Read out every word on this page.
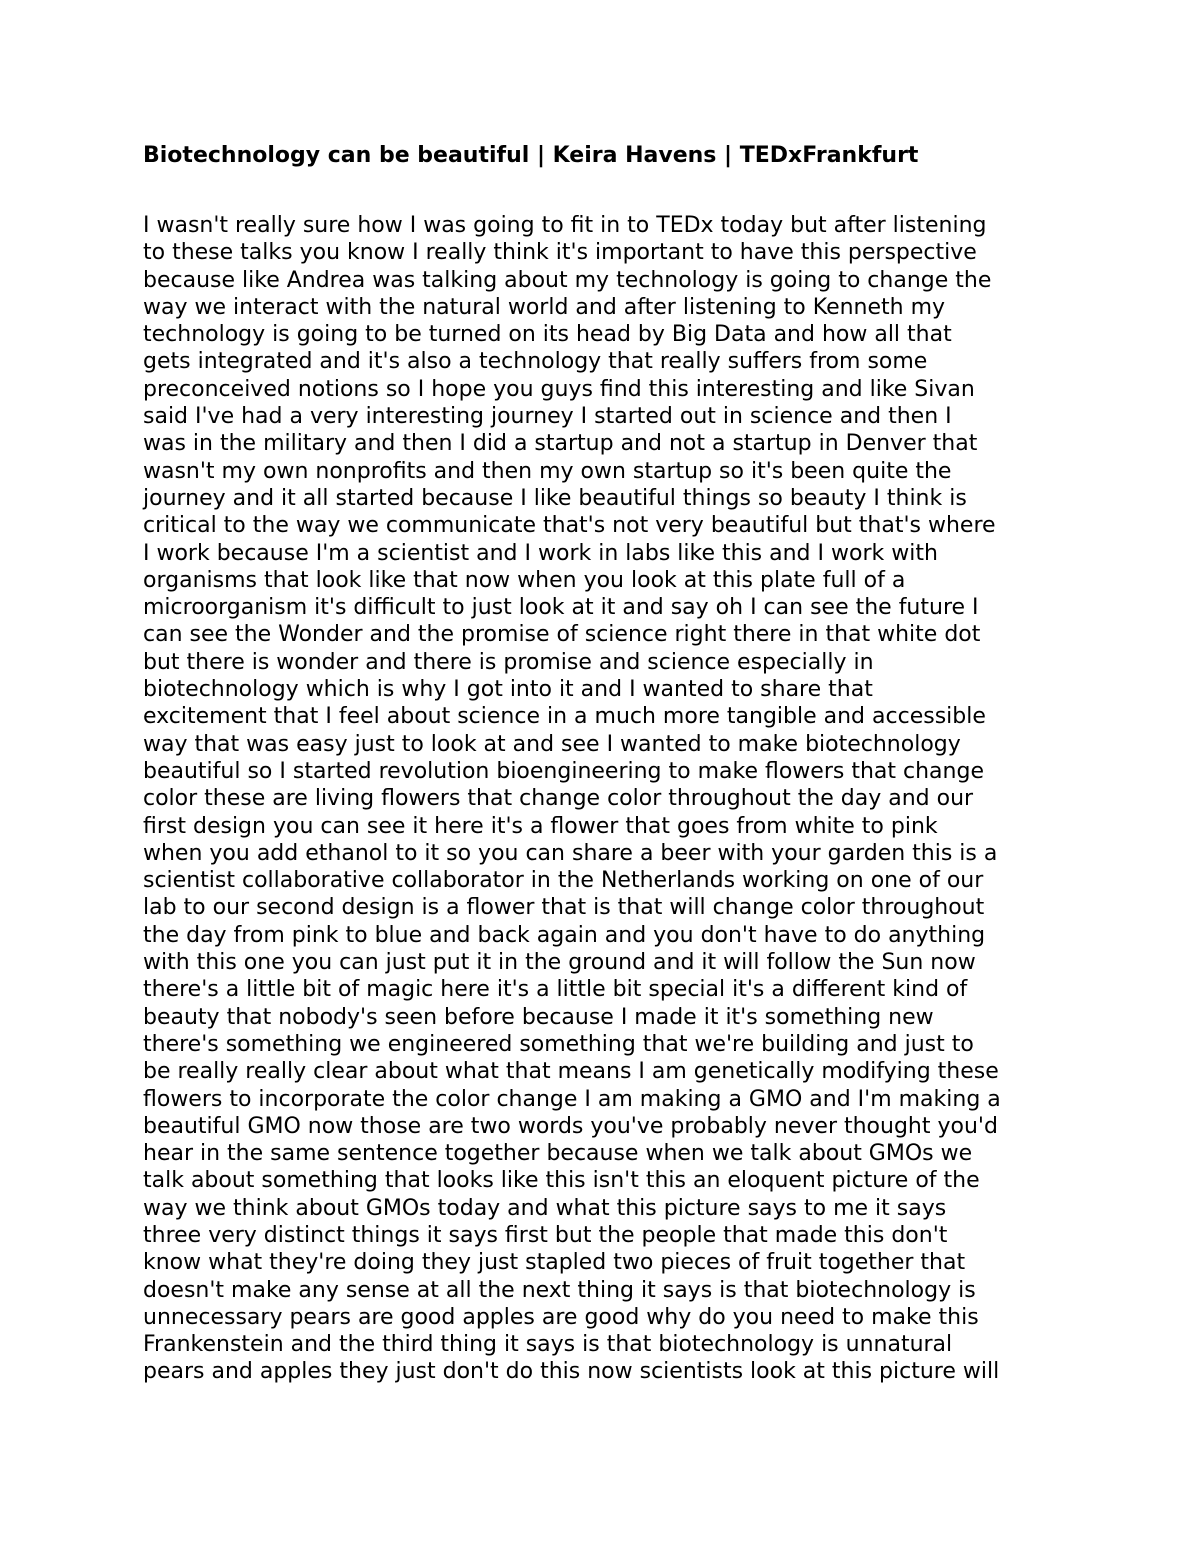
Biotechnology can be beautiful | Keira Havens | TEDxFrankfurt
I wasn't really sure how I was going to fit in to TEDx today but after listening
to these talks you know I really think it's important to have this perspective
because like Andrea was talking about my technology is going to change the
way we interact with the natural world and after listening to Kenneth my
technology is going to be turned on its head by Big Data and how all that
gets integrated and it's also a technology that really suffers from some
preconceived notions so I hope you guys find this interesting and like Sivan
said I've had a very interesting journey I started out in science and then I
was in the military and then I did a startup and not a startup in Denver that
wasn't my own nonprofits and then my own startup so it's been quite the
journey and it all started because I like beautiful things so beauty I think is
critical to the way we communicate that's not very beautiful but that's where
I work because I'm a scientist and I work in labs like this and I work with
organisms that look like that now when you look at this plate full of a
microorganism it's difficult to just look at it and say oh I can see the future I
can see the Wonder and the promise of science right there in that white dot
but there is wonder and there is promise and science especially in
biotechnology which is why I got into it and I wanted to share that
excitement that I feel about science in a much more tangible and accessible
way that was easy just to look at and see I wanted to make biotechnology
beautiful so I started revolution bioengineering to make flowers that change
color these are living flowers that change color throughout the day and our
first design you can see it here it's a flower that goes from white to pink
when you add ethanol to it so you can share a beer with your garden this is a
scientist collaborative collaborator in the Netherlands working on one of our
lab to our second design is a flower that is that will change color throughout
the day from pink to blue and back again and you don't have to do anything
with this one you can just put it in the ground and it will follow the Sun now
there's a little bit of magic here it's a little bit special it's a different kind of
beauty that nobody's seen before because I made it it's something new
there's something we engineered something that we're building and just to
be really really clear about what that means I am genetically modifying these
flowers to incorporate the color change I am making a GMO and I'm making a
beautiful GMO now those are two words you've probably never thought you'd
hear in the same sentence together because when we talk about GMOs we
talk about something that looks like this isn't this an eloquent picture of the
way we think about GMOs today and what this picture says to me it says
three very distinct things it says first but the people that made this don't
know what they're doing they just stapled two pieces of fruit together that
doesn't make any sense at all the next thing it says is that biotechnology is
unnecessary pears are good apples are good why do you need to make this
Frankenstein and the third thing it says is that biotechnology is unnatural
pears and apples they just don't do this now scientists look at this picture will
